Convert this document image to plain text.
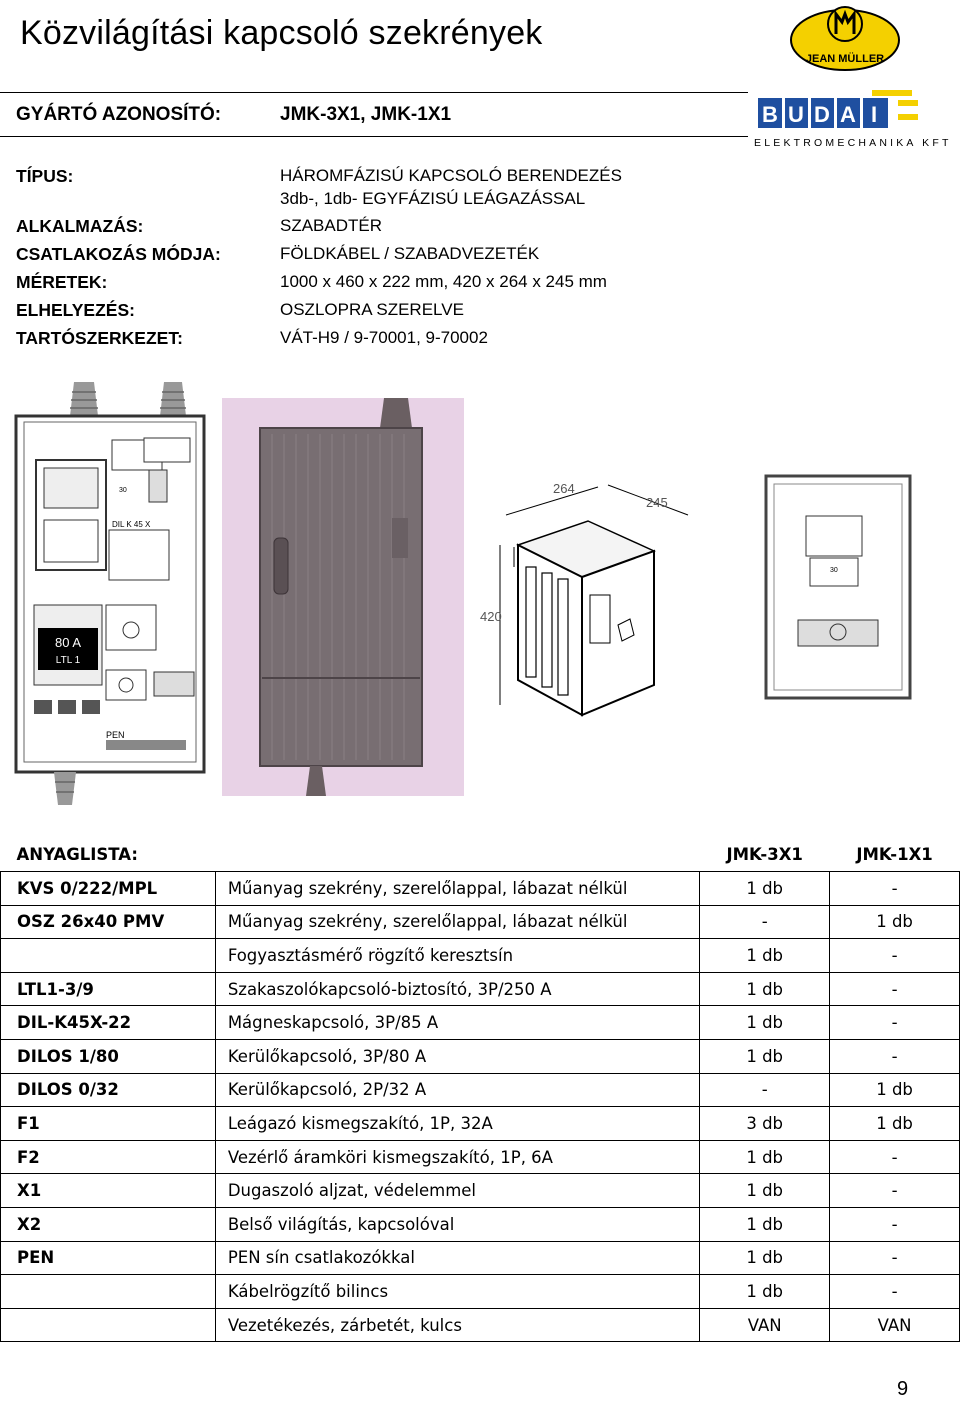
Közvilágítási kapcsoló szekrények
JEAN MÜLLER
B U D A I
ELEKTROMECHANIKA KFT
GYÁRTÓ AZONOSÍTÓ:	JMK-3X1, JMK-1X1
TÍPUS:	HÁROMFÁZISÚ KAPCSOLÓ BERENDEZÉS
3db-, 1db- EGYFÁZISÚ LEÁGAZÁSSAL
ALKALMAZÁS:	SZABADTÉR
CSATLAKOZÁS MÓDJA:	FÖLDKÁBEL / SZABADVEZETÉK
MÉRETEK:	1000 x 460 x 222 mm, 420 x 264 x 245 mm
ELHELYEZÉS:	OSZLOPRA SZERELVE
TARTÓSZERKEZET:	VÁT-H9 / 9-70001, 9-70002
DIL K 45 X
30
80 A
LTL 1
PEN
264
245
420
30
ANYAGLISTA:		JMK-3X1	JMK-1X1
KVS 0/222/MPL	Műanyag szekrény, szerelőlappal, lábazat nélkül	1 db	-
OSZ 26x40 PMV	Műanyag szekrény, szerelőlappal, lábazat nélkül	-	1 db
	Fogyasztásmérő rögzítő keresztsín	1 db	-
LTL1-3/9	Szakaszolókapcsoló-biztosító, 3P/250 A	1 db	-
DIL-K45X-22	Mágneskapcsoló, 3P/85 A	1 db	-
DILOS 1/80	Kerülőkapcsoló, 3P/80 A	1 db	-
DILOS 0/32	Kerülőkapcsoló, 2P/32 A	-	1 db
F1	Leágazó kismegszakító, 1P, 32A	3 db	1 db
F2	Vezérlő áramköri kismegszakító, 1P, 6A	1 db	-
X1	Dugaszoló aljzat, védelemmel	1 db	-
X2	Belső világítás, kapcsolóval	1 db	-
PEN	PEN sín csatlakozókkal	1 db	-
	Kábelrögzítő bilincs	1 db	-
	Vezetékezés, zárbetét, kulcs	VAN	VAN
9
